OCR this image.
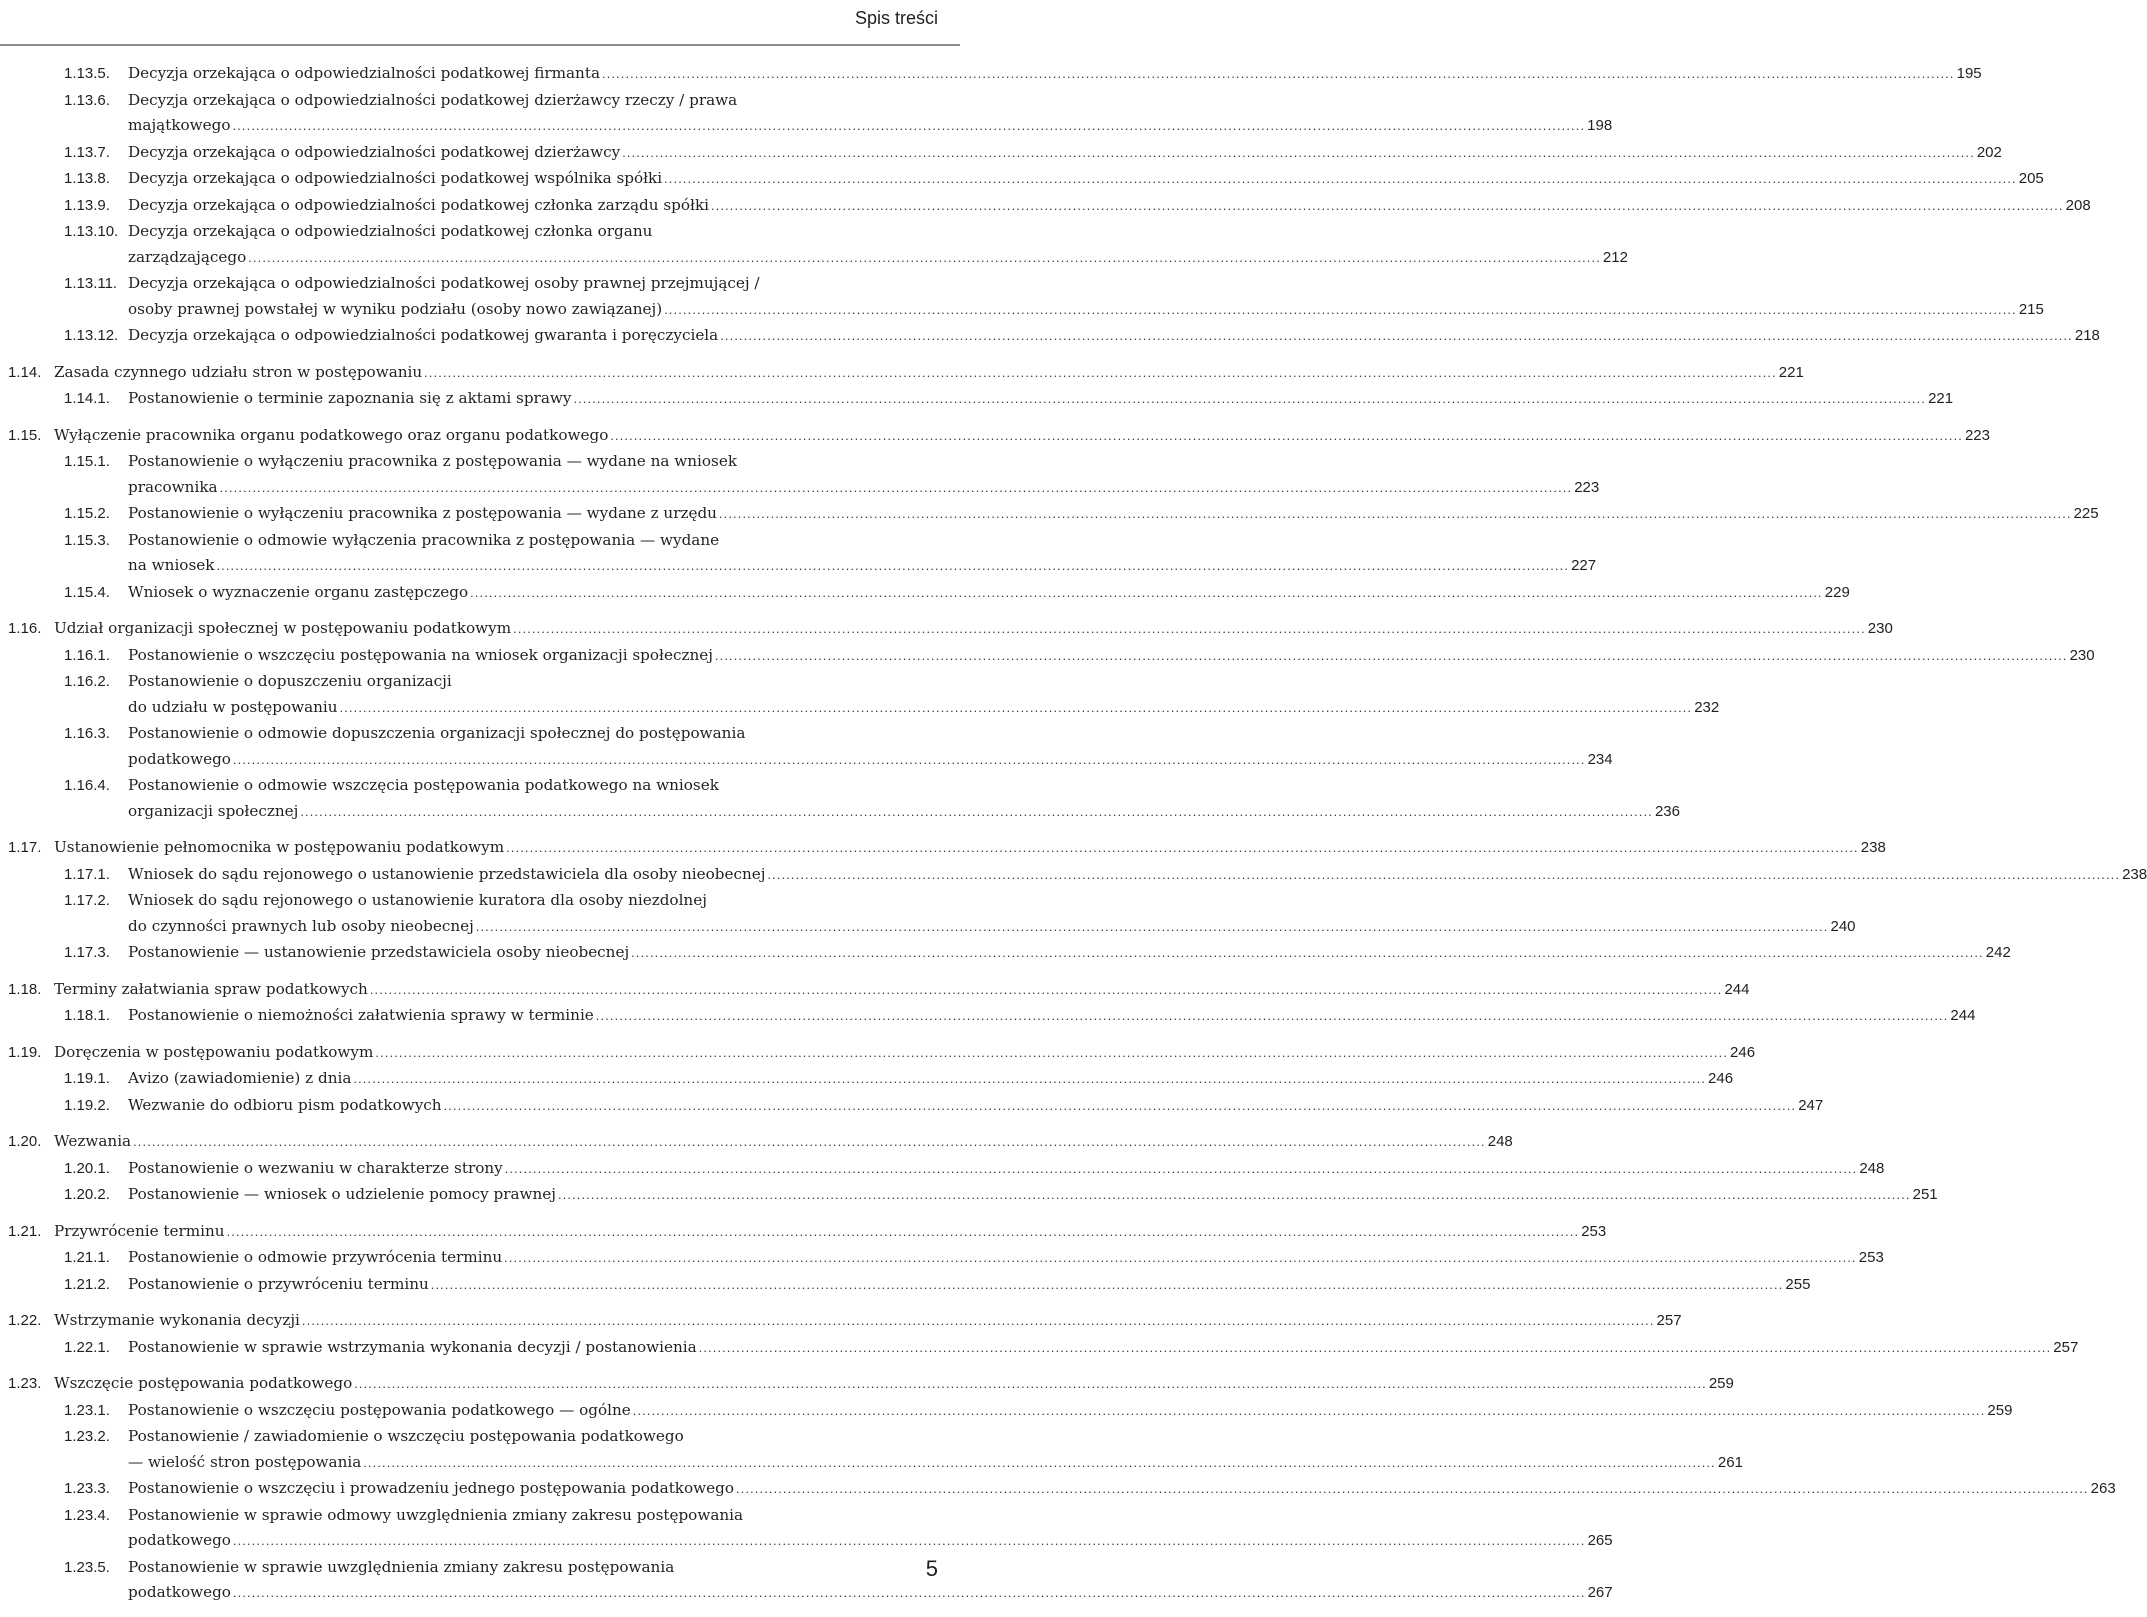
Spis treści
1.13.5.	Decyzja orzekająca o odpowiedzialności podatkowej firmanta .....	195
1.13.6. Decyzja orzekająca o odpowiedzialności podatkowej dzierżawcy rzeczy / prawa
majątkowego .....	198
1.13.7.	Decyzja orzekająca o odpowiedzialności podatkowej dzierżawcy .....	202
1.13.8.	Decyzja orzekająca o odpowiedzialności podatkowej wspólnika spółki .....	205
1.13.9.	Decyzja orzekająca o odpowiedzialności podatkowej członka zarządu spółki .....	208
1.13.10. Decyzja orzekająca o odpowiedzialności podatkowej członka organu
zarządzającego .....	212
1.13.11. Decyzja orzekająca o odpowiedzialności podatkowej osoby prawnej przejmującej /
osoby prawnej powstałej w wyniku podziału (osoby nowo zawiązanej) .....	215
1.13.12. Decyzja orzekająca o odpowiedzialności podatkowej gwaranta i poręczyciela .....	218
1.14. Zasada czynnego udziału stron w postępowaniu .....	221
1.14.1.	Postanowienie o terminie zapoznania się z aktami sprawy .....	221
1.15. Wyłączenie pracownika organu podatkowego oraz organu podatkowego .....	223
1.15.1. Postanowienie o wyłączeniu pracownika z postępowania — wydane na wniosek
pracownika .....	223
1.15.2.	Postanowienie o wyłączeniu pracownika z postępowania — wydane z urzędu .....	225
1.15.3. Postanowienie o odmowie wyłączenia pracownika z postępowania — wydane
na wniosek .....	227
1.15.4.	Wniosek o wyznaczenie organu zastępczego .....	229
1.16. Udział organizacji społecznej w postępowaniu podatkowym .....	230
1.16.1.	Postanowienie o wszczęciu postępowania na wniosek organizacji społecznej .....	230
1.16.2. Postanowienie o dopuszczeniu organizacji
do udziału w postępowaniu .....	232
1.16.3. Postanowienie o odmowie dopuszczenia organizacji społecznej do postępowania
podatkowego .....	234
1.16.4. Postanowienie o odmowie wszczęcia postępowania podatkowego na wniosek
organizacji społecznej .....	236
1.17. Ustanowienie pełnomocnika w postępowaniu podatkowym .....	238
1.17.1.	Wniosek do sądu rejonowego o ustanowienie przedstawiciela dla osoby nieobecnej .....	238
1.17.2. Wniosek do sądu rejonowego o ustanowienie kuratora dla osoby niezdolnej
do czynności prawnych lub osoby nieobecnej .....	240
1.17.3.	Postanowienie — ustanowienie przedstawiciela osoby nieobecnej .....	242
1.18. Terminy załatwiania spraw podatkowych .....	244
1.18.1.	Postanowienie o niemożności załatwienia sprawy w terminie .....	244
1.19. Doręczenia w postępowaniu podatkowym .....	246
1.19.1.	Avizo (zawiadomienie) z dnia .....	246
1.19.2.	Wezwanie do odbioru pism podatkowych .....	247
1.20. Wezwania .....	248
1.20.1.	Postanowienie o wezwaniu w charakterze strony .....	248
1.20.2.	Postanowienie — wniosek o udzielenie pomocy prawnej .....	251
1.21. Przywrócenie terminu .....	253
1.21.1.	Postanowienie o odmowie przywrócenia terminu .....	253
1.21.2.	Postanowienie o przywróceniu terminu .....	255
1.22. Wstrzymanie wykonania decyzji .....	257
1.22.1.	Postanowienie w sprawie wstrzymania wykonania decyzji / postanowienia .....	257
1.23. Wszczęcie postępowania podatkowego .....	259
1.23.1.	Postanowienie o wszczęciu postępowania podatkowego — ogólne .....	259
1.23.2. Postanowienie / zawiadomienie o wszczęciu postępowania podatkowego
— wielość stron postępowania .....	261
1.23.3.	Postanowienie o wszczęciu i prowadzeniu jednego postępowania podatkowego .....	263
1.23.4. Postanowienie w sprawie odmowy uwzględnienia zmiany zakresu postępowania
podatkowego .....	265
1.23.5. Postanowienie w sprawie uwzględnienia zmiany zakresu postępowania
podatkowego .....	267
5
